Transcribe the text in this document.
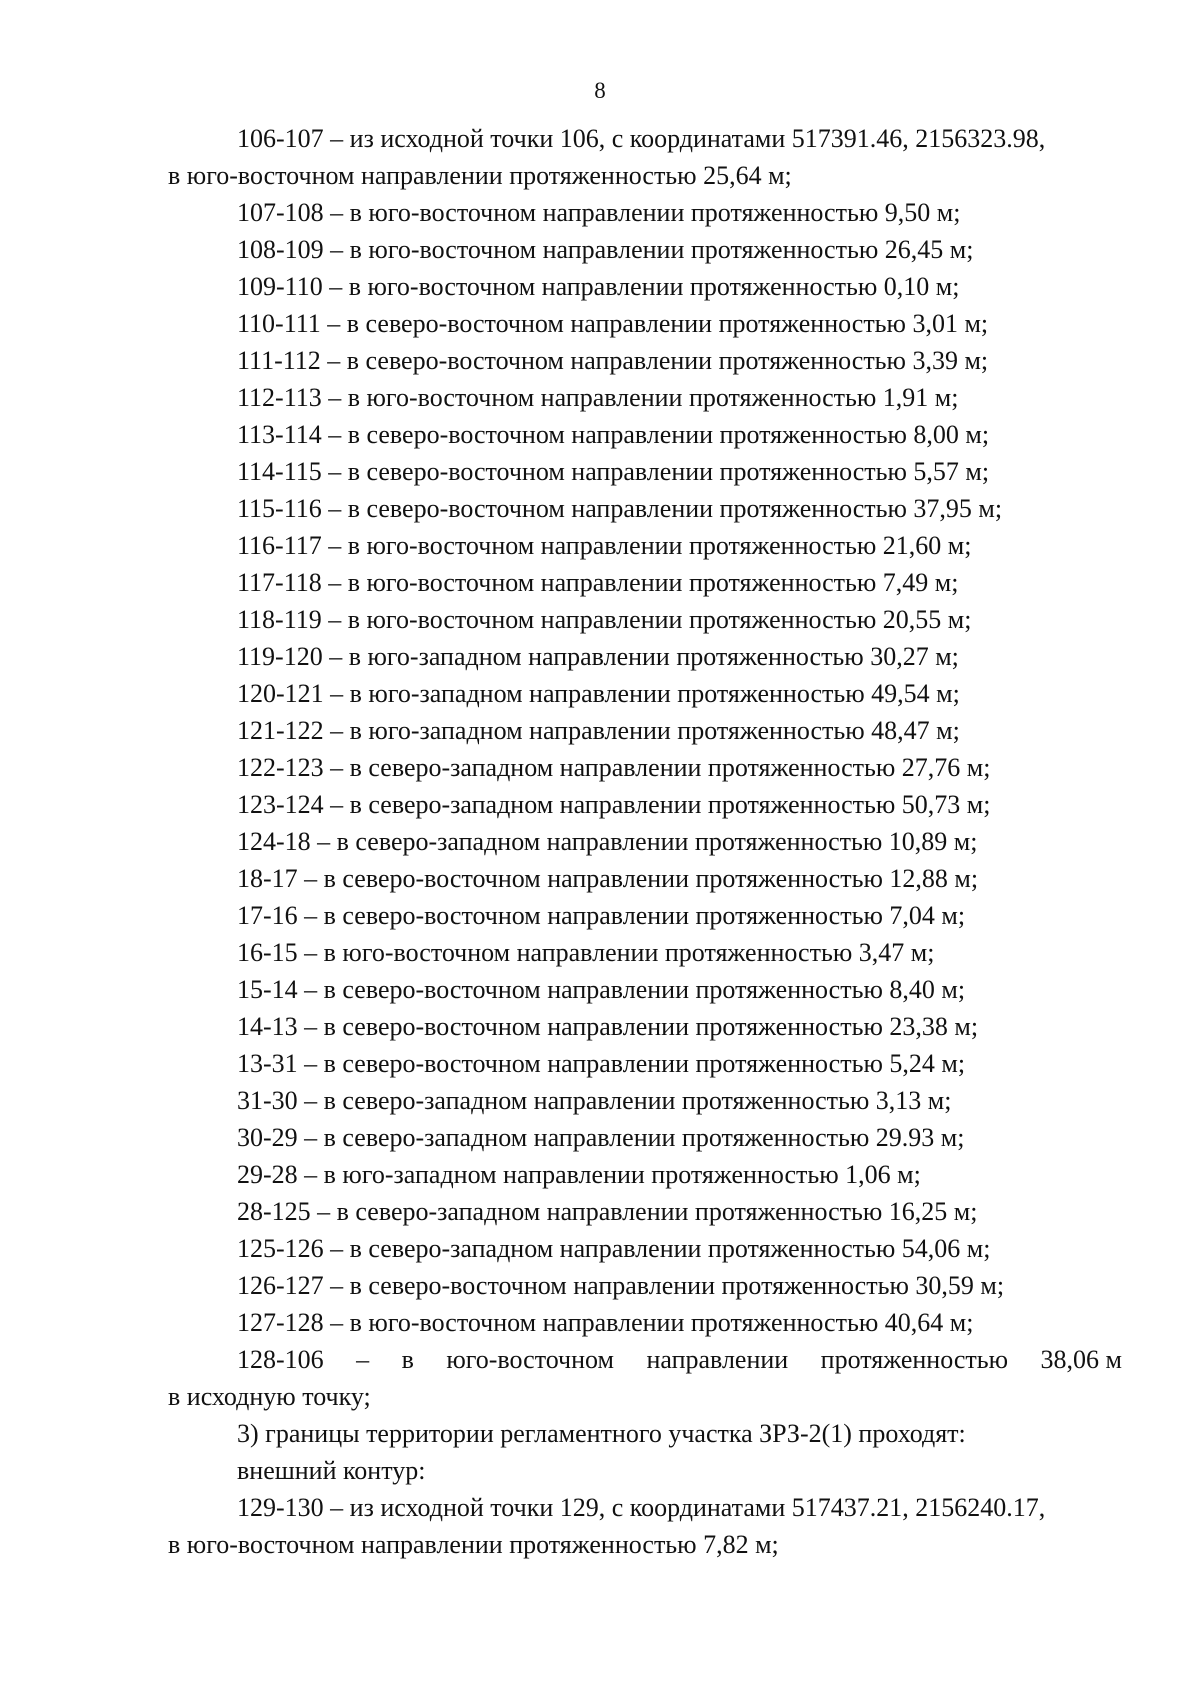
8
106-107 – из исходной точки 106, с координатами 517391.46, 2156323.98,
в юго-восточном направлении протяженностью 25,64 м;
107-108 – в юго-восточном направлении протяженностью 9,50 м;
108-109 – в юго-восточном направлении протяженностью 26,45 м;
109-110 – в юго-восточном направлении протяженностью 0,10 м;
110-111 – в северо-восточном направлении протяженностью 3,01 м;
111-112 – в северо-восточном направлении протяженностью 3,39 м;
112-113 – в юго-восточном направлении протяженностью 1,91 м;
113-114 – в северо-восточном направлении протяженностью 8,00 м;
114-115 – в северо-восточном направлении протяженностью 5,57 м;
115-116 – в северо-восточном направлении протяженностью 37,95 м;
116-117 – в юго-восточном направлении протяженностью 21,60 м;
117-118 – в юго-восточном направлении протяженностью 7,49 м;
118-119 – в юго-восточном направлении протяженностью 20,55 м;
119-120 – в юго-западном направлении протяженностью 30,27 м;
120-121 – в юго-западном направлении протяженностью 49,54 м;
121-122 – в юго-западном направлении протяженностью 48,47 м;
122-123 – в северо-западном направлении протяженностью 27,76 м;
123-124 – в северо-западном направлении протяженностью 50,73 м;
124-18 – в северо-западном направлении протяженностью 10,89 м;
18-17 – в северо-восточном направлении протяженностью 12,88 м;
17-16 – в северо-восточном направлении протяженностью 7,04 м;
16-15 – в юго-восточном направлении протяженностью 3,47 м;
15-14 – в северо-восточном направлении протяженностью 8,40 м;
14-13 – в северо-восточном направлении протяженностью 23,38 м;
13-31 – в северо-восточном направлении протяженностью 5,24 м;
31-30 – в северо-западном направлении протяженностью 3,13 м;
30-29 – в северо-западном направлении протяженностью 29.93 м;
29-28 – в юго-западном направлении протяженностью 1,06 м;
28-125 – в северо-западном направлении протяженностью 16,25 м;
125-126 – в северо-западном направлении протяженностью 54,06 м;
126-127 – в северо-восточном направлении протяженностью 30,59 м;
127-128 – в юго-восточном направлении протяженностью 40,64 м;
128-106 – в юго-восточном направлении протяженностью 38,06 м
в исходную точку;
3) границы территории регламентного участка ЗРЗ-2(1) проходят:
внешний контур:
129-130 – из исходной точки 129, с координатами 517437.21, 2156240.17,
в юго-восточном направлении протяженностью 7,82 м;
